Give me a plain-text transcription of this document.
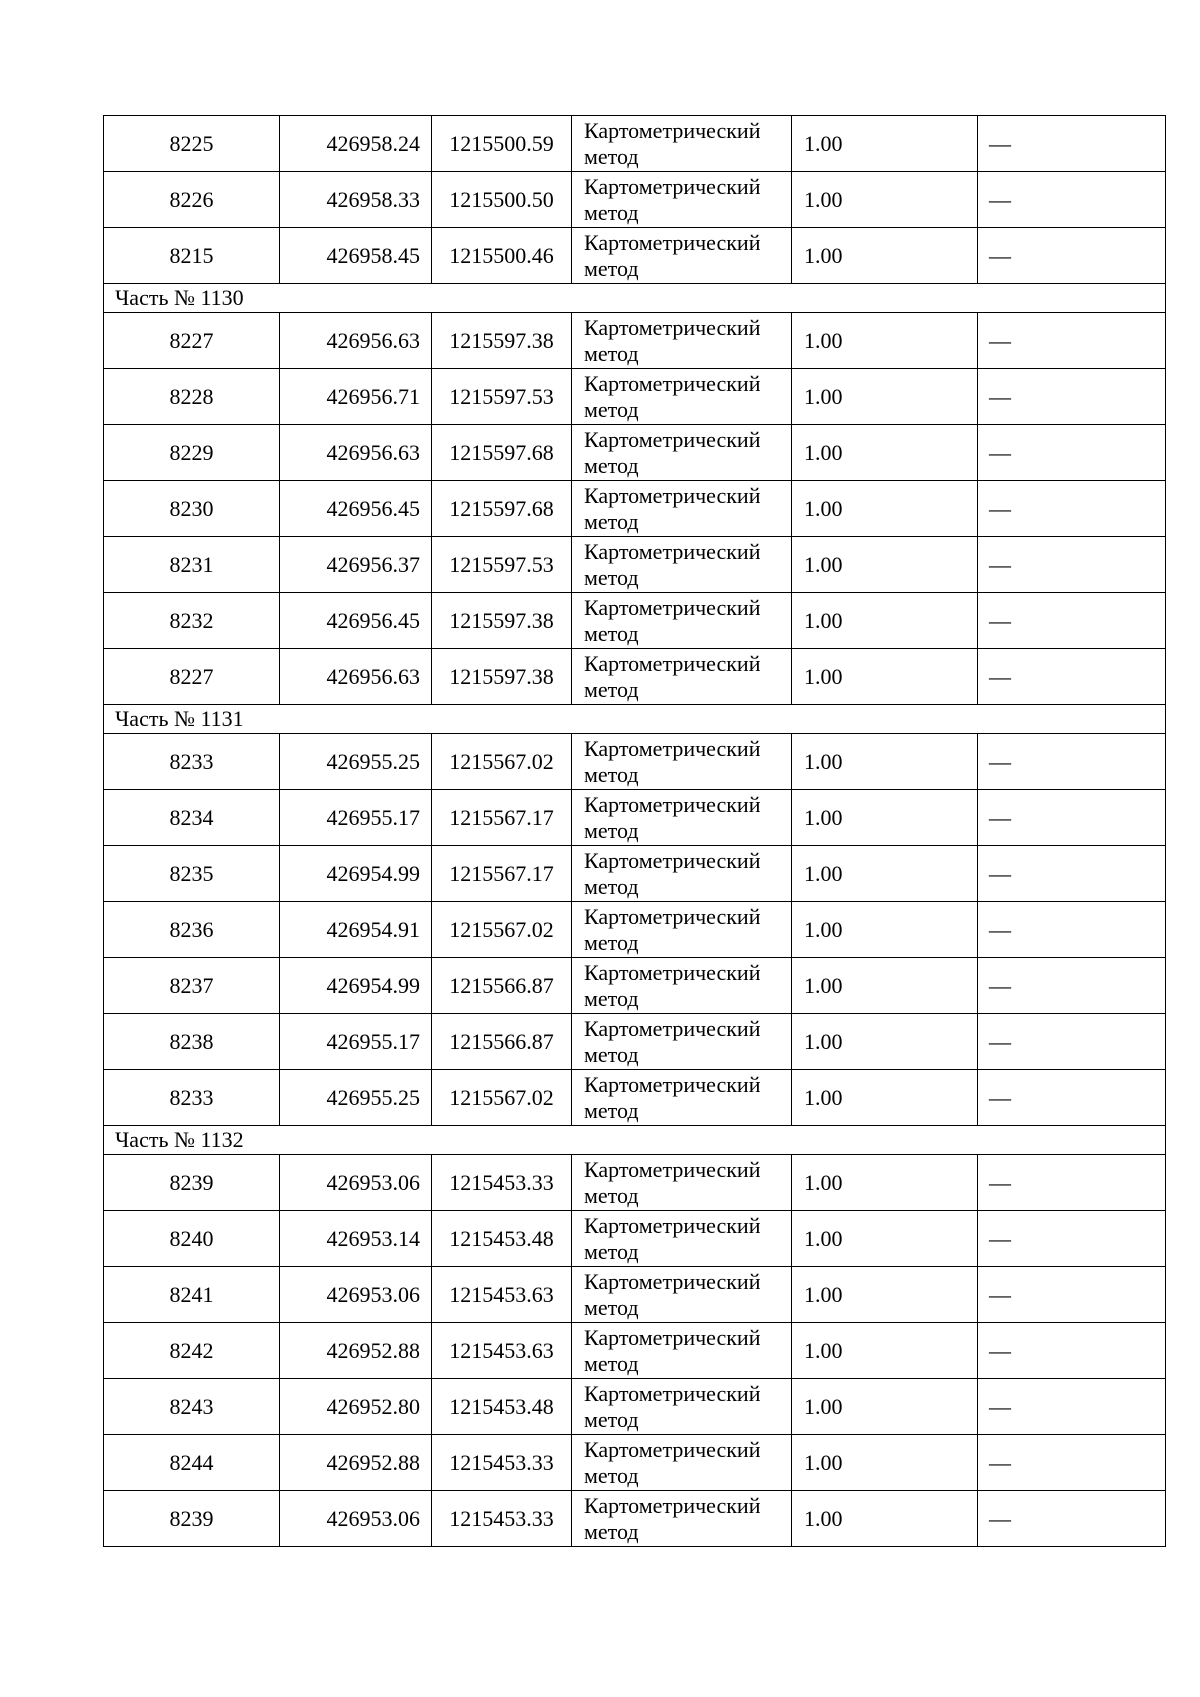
8225	426958.24	1215500.59	Картометрический
метод	1.00	—
8226	426958.33	1215500.50	Картометрический
метод	1.00	—
8215	426958.45	1215500.46	Картометрический
метод	1.00	—
Часть № 1130					
8227	426956.63	1215597.38	Картометрический
метод	1.00	—
8228	426956.71	1215597.53	Картометрический
метод	1.00	—
8229	426956.63	1215597.68	Картометрический
метод	1.00	—
8230	426956.45	1215597.68	Картометрический
метод	1.00	—
8231	426956.37	1215597.53	Картометрический
метод	1.00	—
8232	426956.45	1215597.38	Картометрический
метод	1.00	—
8227	426956.63	1215597.38	Картометрический
метод	1.00	—
Часть № 1131					
8233	426955.25	1215567.02	Картометрический
метод	1.00	—
8234	426955.17	1215567.17	Картометрический
метод	1.00	—
8235	426954.99	1215567.17	Картометрический
метод	1.00	—
8236	426954.91	1215567.02	Картометрический
метод	1.00	—
8237	426954.99	1215566.87	Картометрический
метод	1.00	—
8238	426955.17	1215566.87	Картометрический
метод	1.00	—
8233	426955.25	1215567.02	Картометрический
метод	1.00	—
Часть № 1132					
8239	426953.06	1215453.33	Картометрический
метод	1.00	—
8240	426953.14	1215453.48	Картометрический
метод	1.00	—
8241	426953.06	1215453.63	Картометрический
метод	1.00	—
8242	426952.88	1215453.63	Картометрический
метод	1.00	—
8243	426952.80	1215453.48	Картометрический
метод	1.00	—
8244	426952.88	1215453.33	Картометрический
метод	1.00	—
8239	426953.06	1215453.33	Картометрический
метод	1.00	—
